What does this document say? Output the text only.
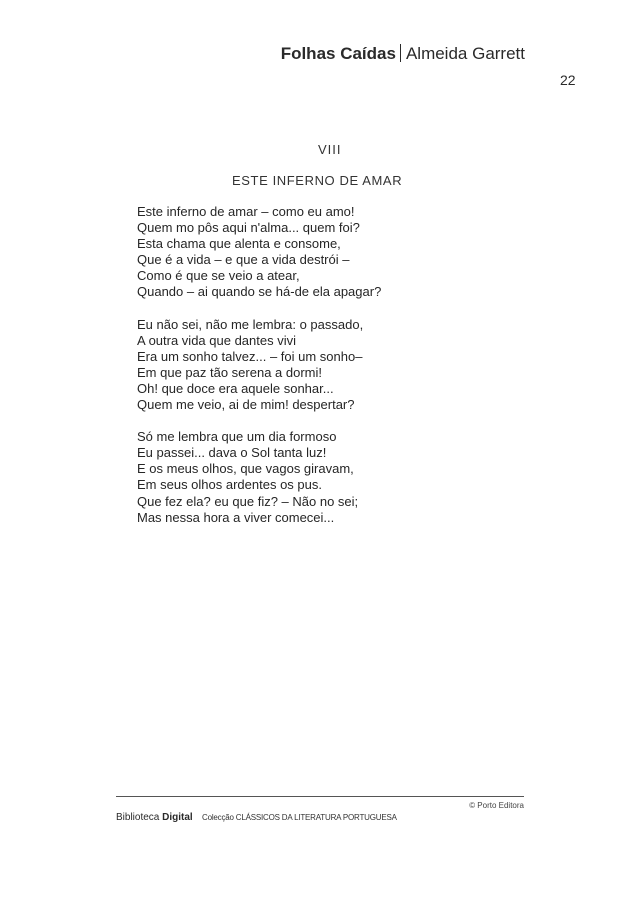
Folhas Caídas Almeida Garrett
22
VIII
ESTE INFERNO DE AMAR
Este inferno de amar – como eu amo!
Quem mo pôs aqui n'alma... quem foi?
Esta chama que alenta e consome,
Que é a vida – e que a vida destrói –
Como é que se veio a atear,
Quando – ai quando se há-de ela apagar?
Eu não sei, não me lembra: o passado,
A outra vida que dantes vivi
Era um sonho talvez... – foi um sonho–
Em que paz tão serena a dormi!
Oh! que doce era aquele sonhar...
Quem me veio, ai de mim! despertar?
Só me lembra que um dia formoso
Eu passei... dava o Sol tanta luz!
E os meus olhos, que vagos giravam,
Em seus olhos ardentes os pus.
Que fez ela? eu que fiz? – Não no sei;
Mas nessa hora a viver comecei...
© Porto Editora
Biblioteca Digital Colecção CLÁSSICOS DA LITERATURA PORTUGUESA
